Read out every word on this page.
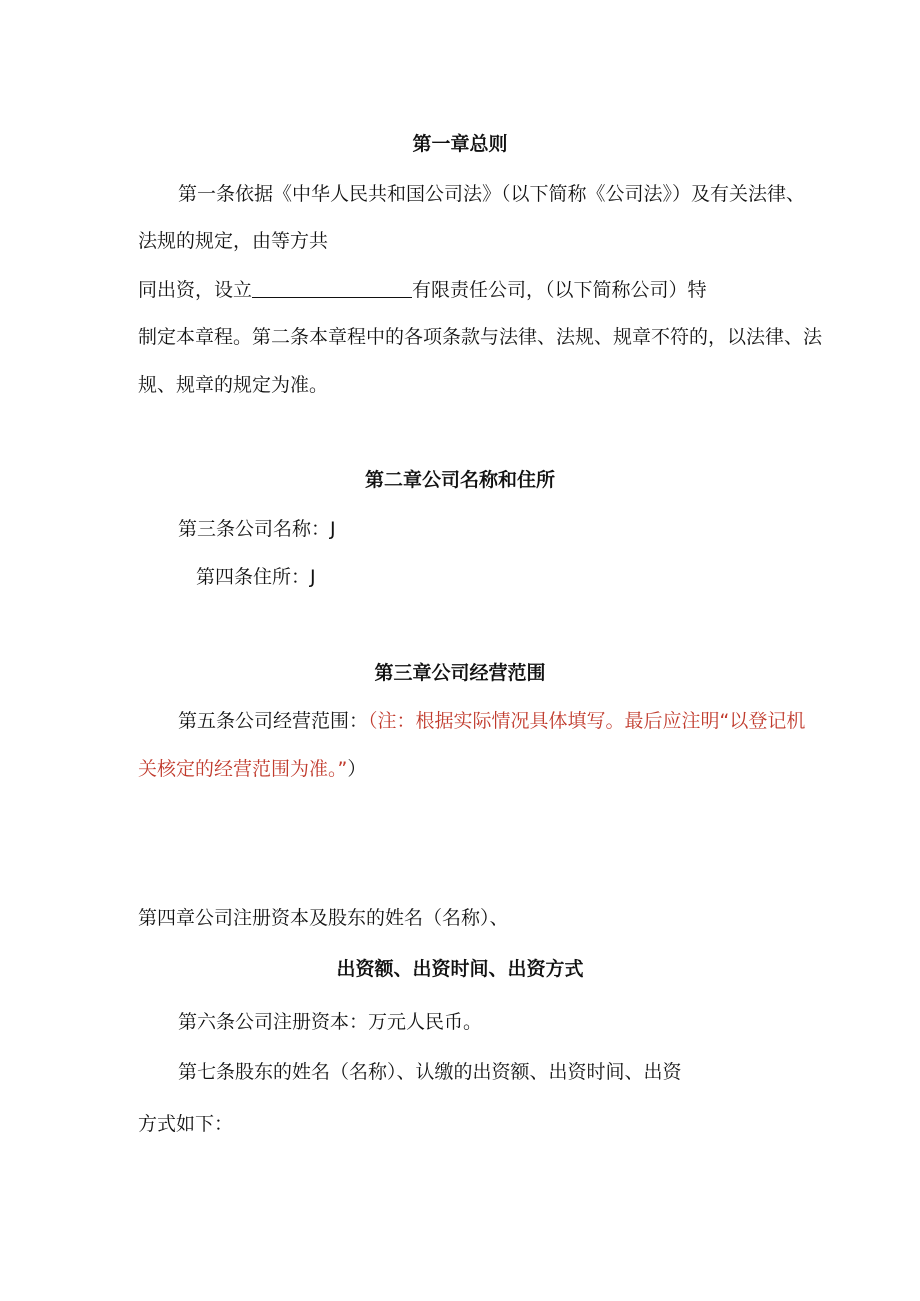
第一章总则

第一条依据《中华人民共和国公司法》（以下简称《公司法》）及有关法律、

法规的规定，由等方共

同出资，设立	有限责任公司，（以下简称公司）特

制定本章程。第二条本章程中的各项条款与法律、法规、规章不符的，以法律、法

规、规章的规定为准。

第二章公司名称和住所

第三条公司名称：J

第四条住所：J

第三章公司经营范围

第五条公司经营范围：（注：根据实际情况具体填写。最后应注明“以登记机

关核定的经营范围为准。”）

第四章公司注册资本及股东的姓名（名称）、

出资额、出资时间、出资方式

第六条公司注册资本：万元人民币。

第七条股东的姓名（名称）、认缴的出资额、出资时间、出资

方式如下：
